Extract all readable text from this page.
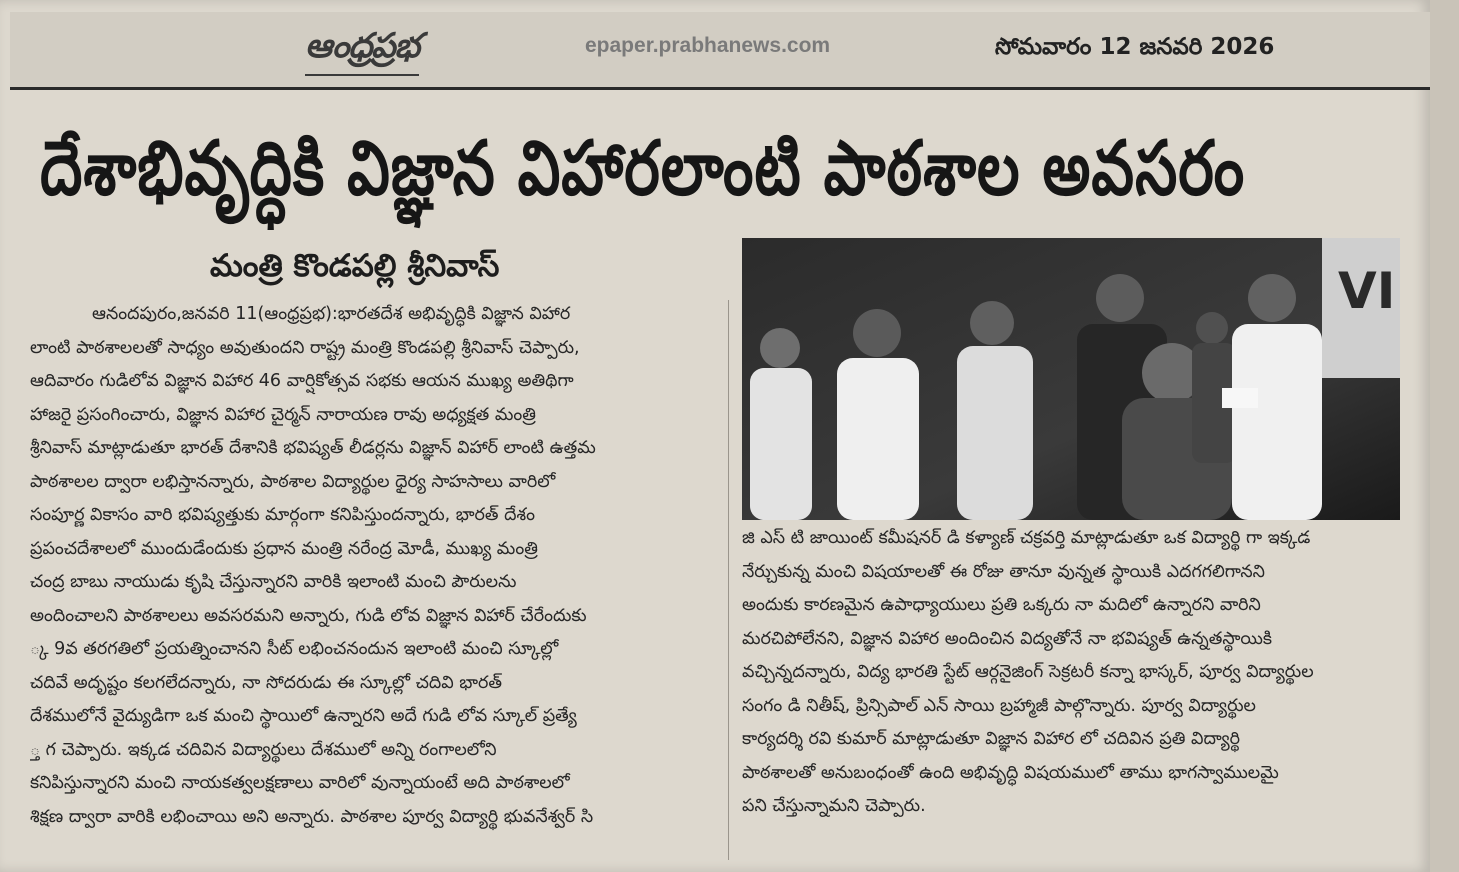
ఆంధ్రప్రభ	epaper.prabhanews.com	సోమవారం 12 జనవరి 2026
దేశాభివృద్ధికి విజ్ఞాన విహారలాంటి పాఠశాల అవసరం
మంత్రి కొండపల్లి శ్రీనివాస్
ఆనందపురం,జనవరి 11(ఆంధ్రప్రభ):భారతదేశ అభివృద్ధికి విజ్ఞాన విహార
లాంటి పాఠశాలలతో సాధ్యం అవుతుందని రాష్ట్ర మంత్రి కొండపల్లి శ్రీనివాస్ చెప్పారు,
ఆదివారం గుడిలోవ విజ్ఞాన విహార 46 వార్షికోత్సవ సభకు ఆయన ముఖ్య అతిథిగా
హాజరై ప్రసంగించారు, విజ్ఞాన విహార చైర్మన్ నారాయణ రావు అధ్యక్షత మంత్రి
శ్రీనివాస్ మాట్లాడుతూ భారత్ దేశానికి భవిష్యత్ లీడర్లను విజ్ఞాన్ విహార్ లాంటి ఉత్తమ
పాఠశాలల ద్వారా లభిస్తానన్నారు, పాఠశాల విద్యార్థుల ధైర్య సాహసాలు వారిలో
సంపూర్ణ వికాసం వారి భవిష్యత్తుకు మార్గంగా కనిపిస్తుందన్నారు, భారత్ దేశం
ప్రపంచదేశాలలో ముందుడేందుకు ప్రధాన మంత్రి నరేంద్ర మోడీ, ముఖ్య మంత్రి
చంద్ర బాబు నాయుడు కృషి చేస్తున్నారని వారికి ఇలాంటి మంచి పౌరులను
అందించాలని పాఠశాలలు అవసరమని అన్నారు, గుడి లోవ విజ్ఞాన విహార్ చేరేందుకు
్క 9వ తరగతిలో ప్రయత్నించానని సీట్ లభించనందున ఇలాంటి మంచి స్కూల్లో
చదివే అదృష్టం కలగలేదన్నారు, నా సోదరుడు ఈ స్కూల్లో చదివి భారత్
దేశములోనే వైద్యుడిగా ఒక మంచి స్థాయిలో ఉన్నారని అదే గుడి లోవ స్కూల్ ప్రత్యే
్త గ చెప్పారు. ఇక్కడ చదివిన విద్యార్థులు దేశములో అన్ని రంగాలలోని
కనిపిస్తున్నారని మంచి నాయకత్వలక్షణాలు వారిలో వున్నాయంటే అది పాఠశాలలో
శిక్షణ ద్వారా వారికి లభించాయి అని అన్నారు. పాఠశాల పూర్వ విద్యార్థి భువనేశ్వర్ సి
VI
జి ఎస్ టి జాయింట్ కమీషనర్ డి కళ్యాణ్ చక్రవర్తి మాట్లాడుతూ ఒక విద్యార్థి గా ఇక్కడ
నేర్చుకున్న మంచి విషయాలతో ఈ రోజు తానూ వున్నత స్థాయికి ఎదగగలిగానని
అందుకు కారణమైన ఉపాధ్యాయులు ప్రతి ఒక్కరు నా మదిలో ఉన్నారని వారిని
మరచిపోలేనని, విజ్ఞాన విహార అందించిన విద్యతోనే నా భవిష్యత్ ఉన్నతస్థాయికి
వచ్చిన్నదన్నారు, విద్య భారతి స్టేట్ ఆర్గనైజింగ్ సెక్రటరీ కన్నా భాస్కర్, పూర్వ విద్యార్థుల
సంగం డి నితీష్, ప్రిన్సిపాల్ ఎన్ సాయి బ్రహ్మాజీ పాల్గొన్నారు. పూర్వ విద్యార్థుల
కార్యదర్శి రవి కుమార్ మాట్లాడుతూ విజ్ఞాన విహార లో చదివిన ప్రతి విద్యార్థి
పాఠశాలతో అనుబంధంతో ఉంది అభివృద్ధి విషయములో తాము భాగస్వాములమై
పని చేస్తున్నామని చెప్పారు.
